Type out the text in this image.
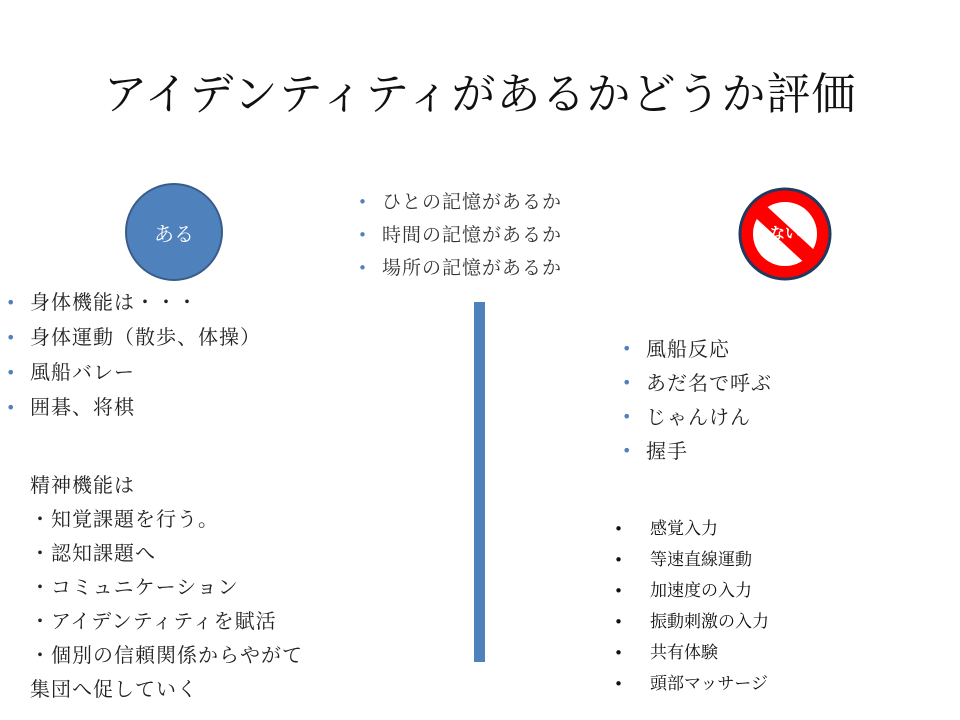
アイデンティティがあるかどうか評価
ある	ない
• ひとの記憶があるか
• 時間の記憶があるか
• 場所の記憶があるか
• 身体機能は・・・
• 身体運動（散歩、体操）
• 風船バレー
• 囲碁、将棋
精神機能は
・知覚課題を行う。
・認知課題へ
・コミュニケーション
・アイデンティティを賦活
・個別の信頼関係からやがて
集団へ促していく
• 風船反応
• あだ名で呼ぶ
• じゃんけん
• 握手
• 感覚入力
• 等速直線運動
• 加速度の入力
• 振動刺激の入力
• 共有体験
• 頭部マッサージ
